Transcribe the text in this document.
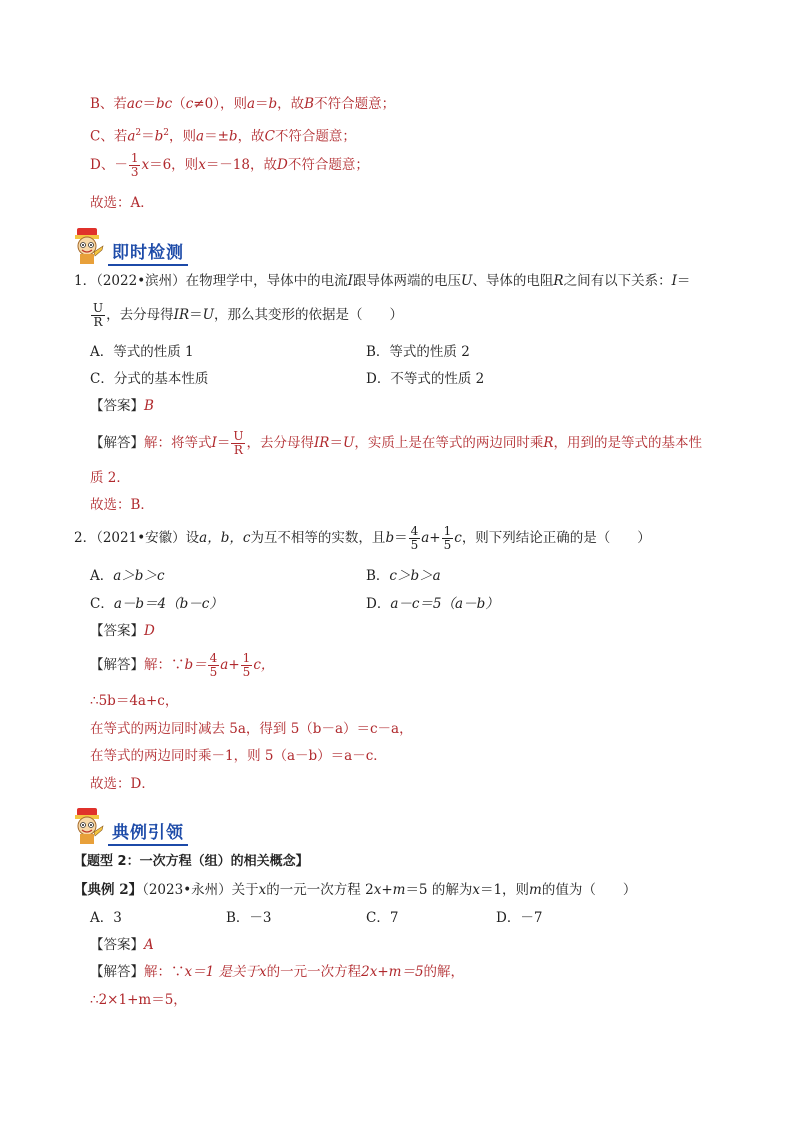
B、若ac＝bc（c≠0），则a＝b，故B不符合题意；
C、若$a^2=b^2$，则a＝±b，故C不符合题意；
D、－ $\frac{1}{3} x=6$，则x＝－18，故D不符合题意；
故选：A．
即时检测
1．（2022•滨州）在物理学中，导体中的电流I跟导体两端的电压U、导体的电阻R之间有以下关系：I＝
$\frac{U}{R}$ ，去分母得IR＝U，那么其变形的依据是（　　）
A．等式的性质 1	B．等式的性质 2
C．分式的基本性质	D．不等式的性质 2
【答案】B
【解答】解：将等式$I= \frac{U}{R}$ ，去分母得IR＝U，实质上是在等式的两边同时乘R，用到的是等式的基本性
质 2．
故选：B．
2．（2021•安徽）设a，b，c为互不相等的实数，且$b= \frac{4}{5} a+ \frac{1}{5}$ c，则下列结论正确的是（　　）
A．a＞b＞c	B．c＞b＞a
C．a－b＝4（b－c）	D．a－c＝5（a－b）
【答案】D
【解答】解：∵b＝ $\frac{4}{5} a+ \frac{1}{5}$ c，
∴5b＝4a+c，
在等式的两边同时减去 5a，得到 5（b－a）＝c－a，
在等式的两边同时乘－1，则 5（a－b）＝a－c．
故选：D．
典例引领
【题型 2：一次方程（组）的相关概念】
【典例 2】（2023•永州）关于x的一元一次方程 2x+m＝5 的解为x＝1，则m的值为（　　）
A．3	B．－3	C．7	D．－7
【答案】A
【解答】解：∵x＝1 是关于x的一元一次方程2x+m＝5的解，
∴2×1+m＝5，
